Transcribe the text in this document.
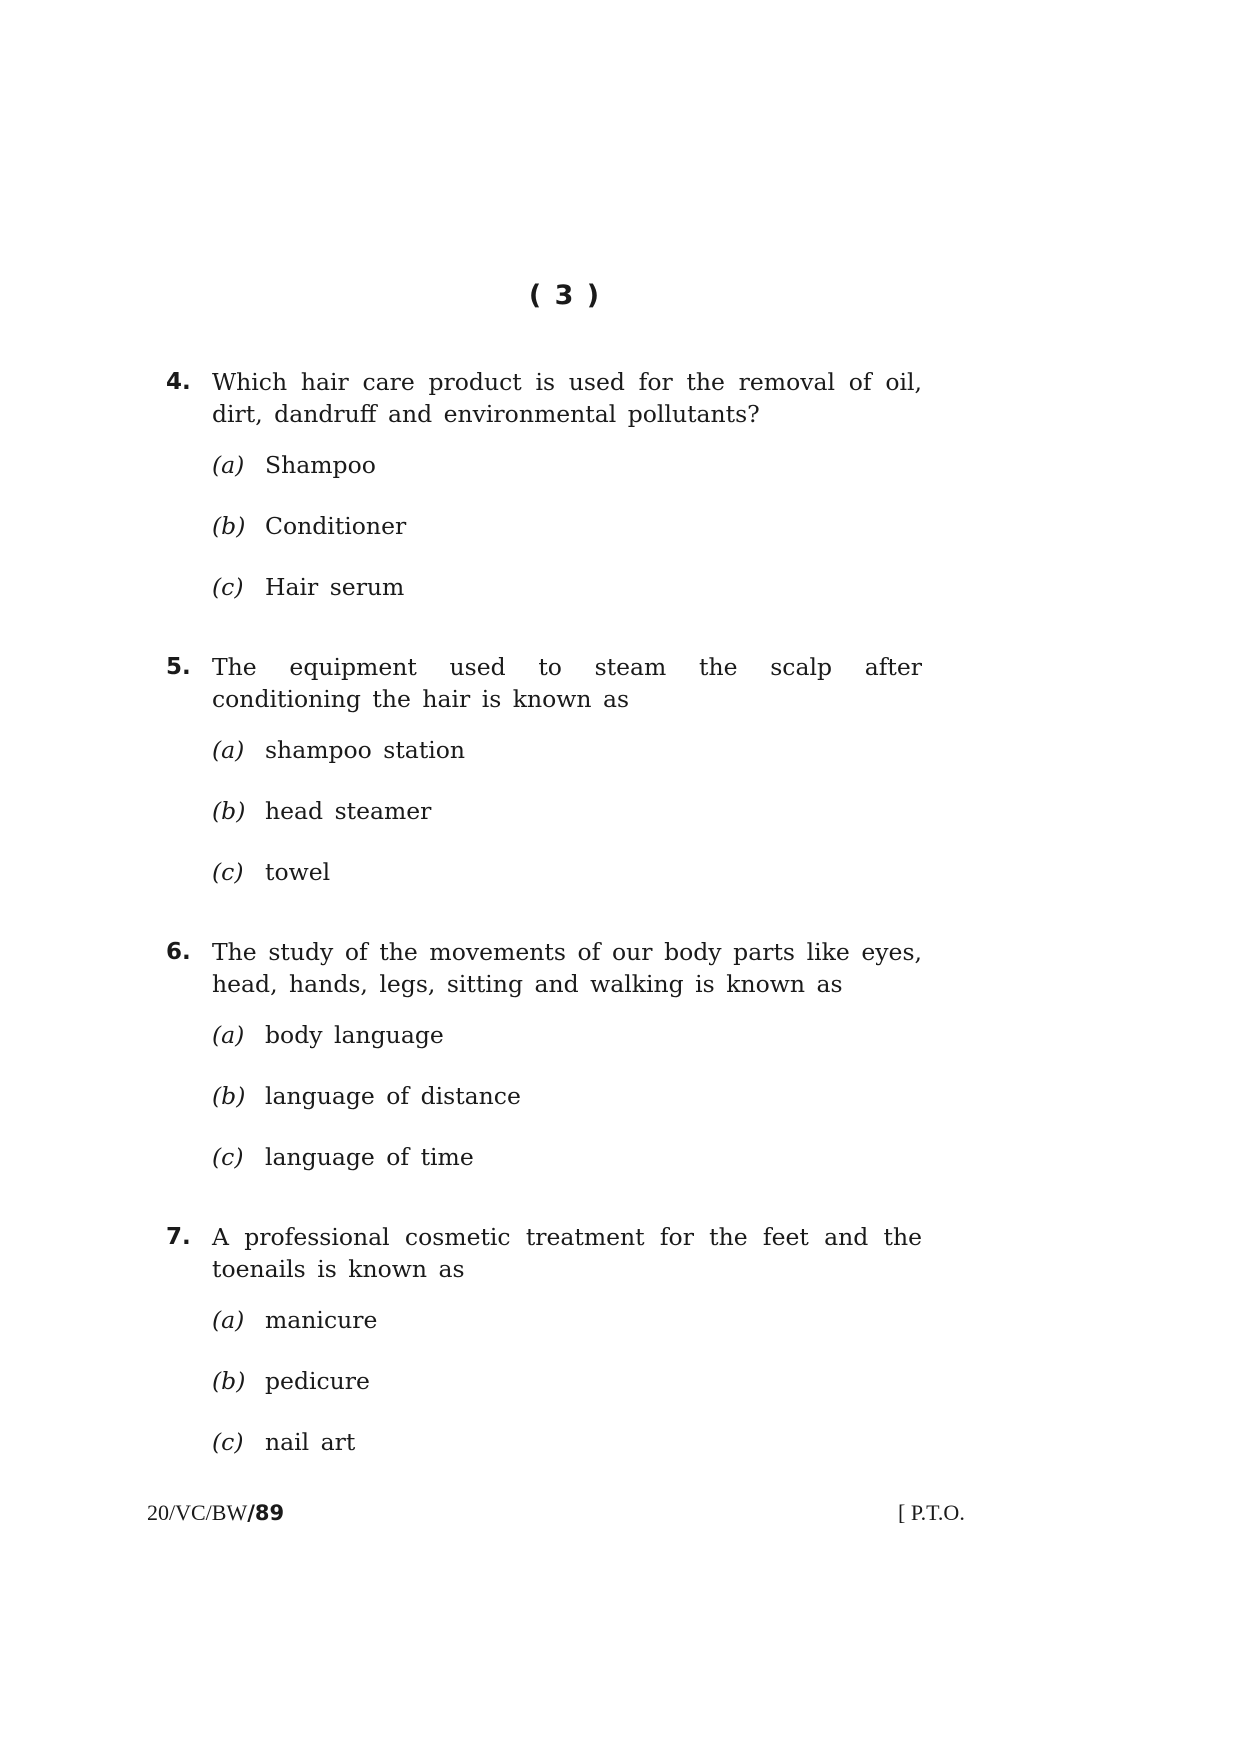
( 3 )
4. Which hair care product is used for the removal of oil, dirt, dandruff and environmental pollutants?
(a) Shampoo
(b) Conditioner
(c) Hair serum
5. The equipment used to steam the scalp after conditioning the hair is known as
(a) shampoo station
(b) head steamer
(c) towel
6. The study of the movements of our body parts like eyes, head, hands, legs, sitting and walking is known as
(a) body language
(b) language of distance
(c) language of time
7. A professional cosmetic treatment for the feet and the toenails is known as
(a) manicure
(b) pedicure
(c) nail art
20/VC/BW/89	[ P.T.O.
